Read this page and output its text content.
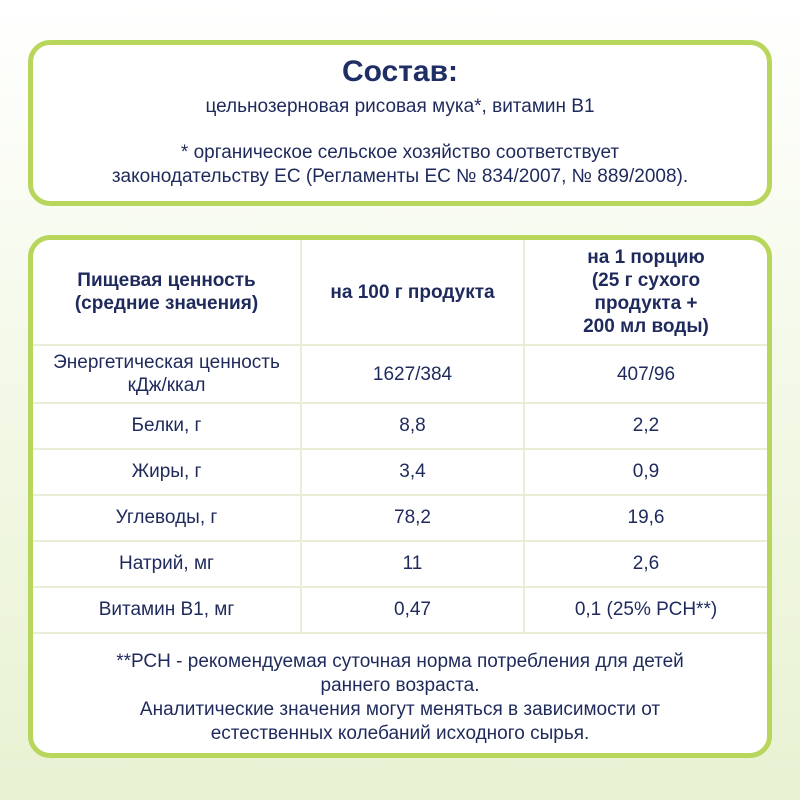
Состав:

цельнозерновая рисовая мука*, витамин B1

* органическое сельское хозяйство соответствует
законодательству ЕС (Регламенты ЕС № 834/2007, № 889/2008).

Пищевая ценность
(средние значения)	на 100 г продукта	на 1 порцию
(25 г сухого
продукта +
200 мл воды)
Энергетическая ценность
кДж/ккал	1627/384	407/96
Белки, г	8,8	2,2
Жиры, г	3,4	0,9
Углеводы, г	78,2	19,6
Натрий, мг	11	2,6
Витамин B1, мг	0,47	0,1 (25% РСН**)
**РСН - рекомендуемая суточная норма потребления для детей
раннего возраста.
Аналитические значения могут меняться в зависимости от
естественных колебаний исходного сырья.
